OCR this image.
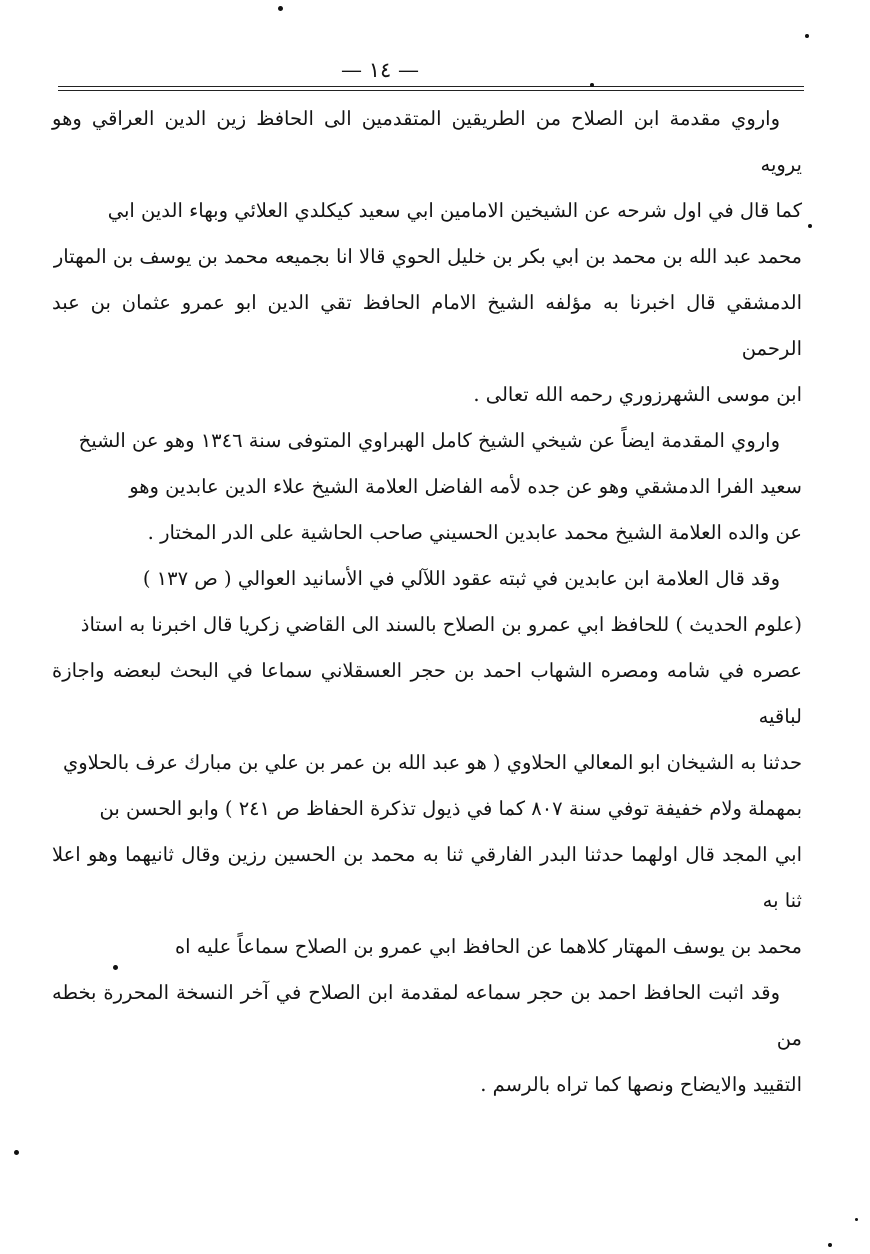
— ١٤ —

واروي مقدمة ابن الصلاح من الطريقين المتقدمين الى الحافظ زين الدين العراقي وهو يرويه

كما قال في اول شرحه عن الشيخين الامامين ابي سعيد كيكلدي العلائي وبهاء الدين ابي

محمد عبد الله بن محمد بن ابي بكر بن خليل الحوي قالا انا بجميعه محمد بن يوسف بن المهتار

الدمشقي قال اخبرنا به مؤلفه الشيخ الامام الحافظ تقي الدين ابو عمرو عثمان بن عبد الرحمن

ابن موسى الشهرزوري رحمه الله تعالى .

واروي المقدمة ايضاً عن شيخي الشيخ كامل الهبراوي المتوفى سنة ١٣٤٦ وهو عن الشيخ

سعيد الفرا الدمشقي وهو عن جده لأمه الفاضل العلامة الشيخ علاء الدين عابدين وهو

عن والده العلامة الشيخ محمد عابدين الحسيني صاحب الحاشية على الدر المختار .

وقد قال العلامة ابن عابدين في ثبته عقود اللآلي في الأسانيد العوالي ( ص ١٣٧ )

(علوم الحديث ) للحافظ ابي عمرو بن الصلاح بالسند الى القاضي زكريا قال اخبرنا به استاذ

عصره في شامه ومصره الشهاب احمد بن حجر العسقلاني سماعا في البحث لبعضه واجازة لباقيه

حدثنا به الشيخان ابو المعالي الحلاوي ( هو عبد الله بن عمر بن علي بن مبارك عرف بالحلاوي

بمهملة ولام خفيفة توفي سنة ٨٠٧ كما في ذيول تذكرة الحفاظ ص ٢٤١ ) وابو الحسن بن

ابي المجد قال اولهما حدثنا البدر الفارقي ثنا به محمد بن الحسين رزين وقال ثانيهما وهو اعلا ثنا به

محمد بن يوسف المهتار كلاهما عن الحافظ ابي عمرو بن الصلاح سماعاً عليه اه

وقد اثبت الحافظ احمد بن حجر سماعه لمقدمة ابن الصلاح في آخر النسخة المحررة بخطه من

التقييد والايضاح ونصها كما تراه بالرسم .
